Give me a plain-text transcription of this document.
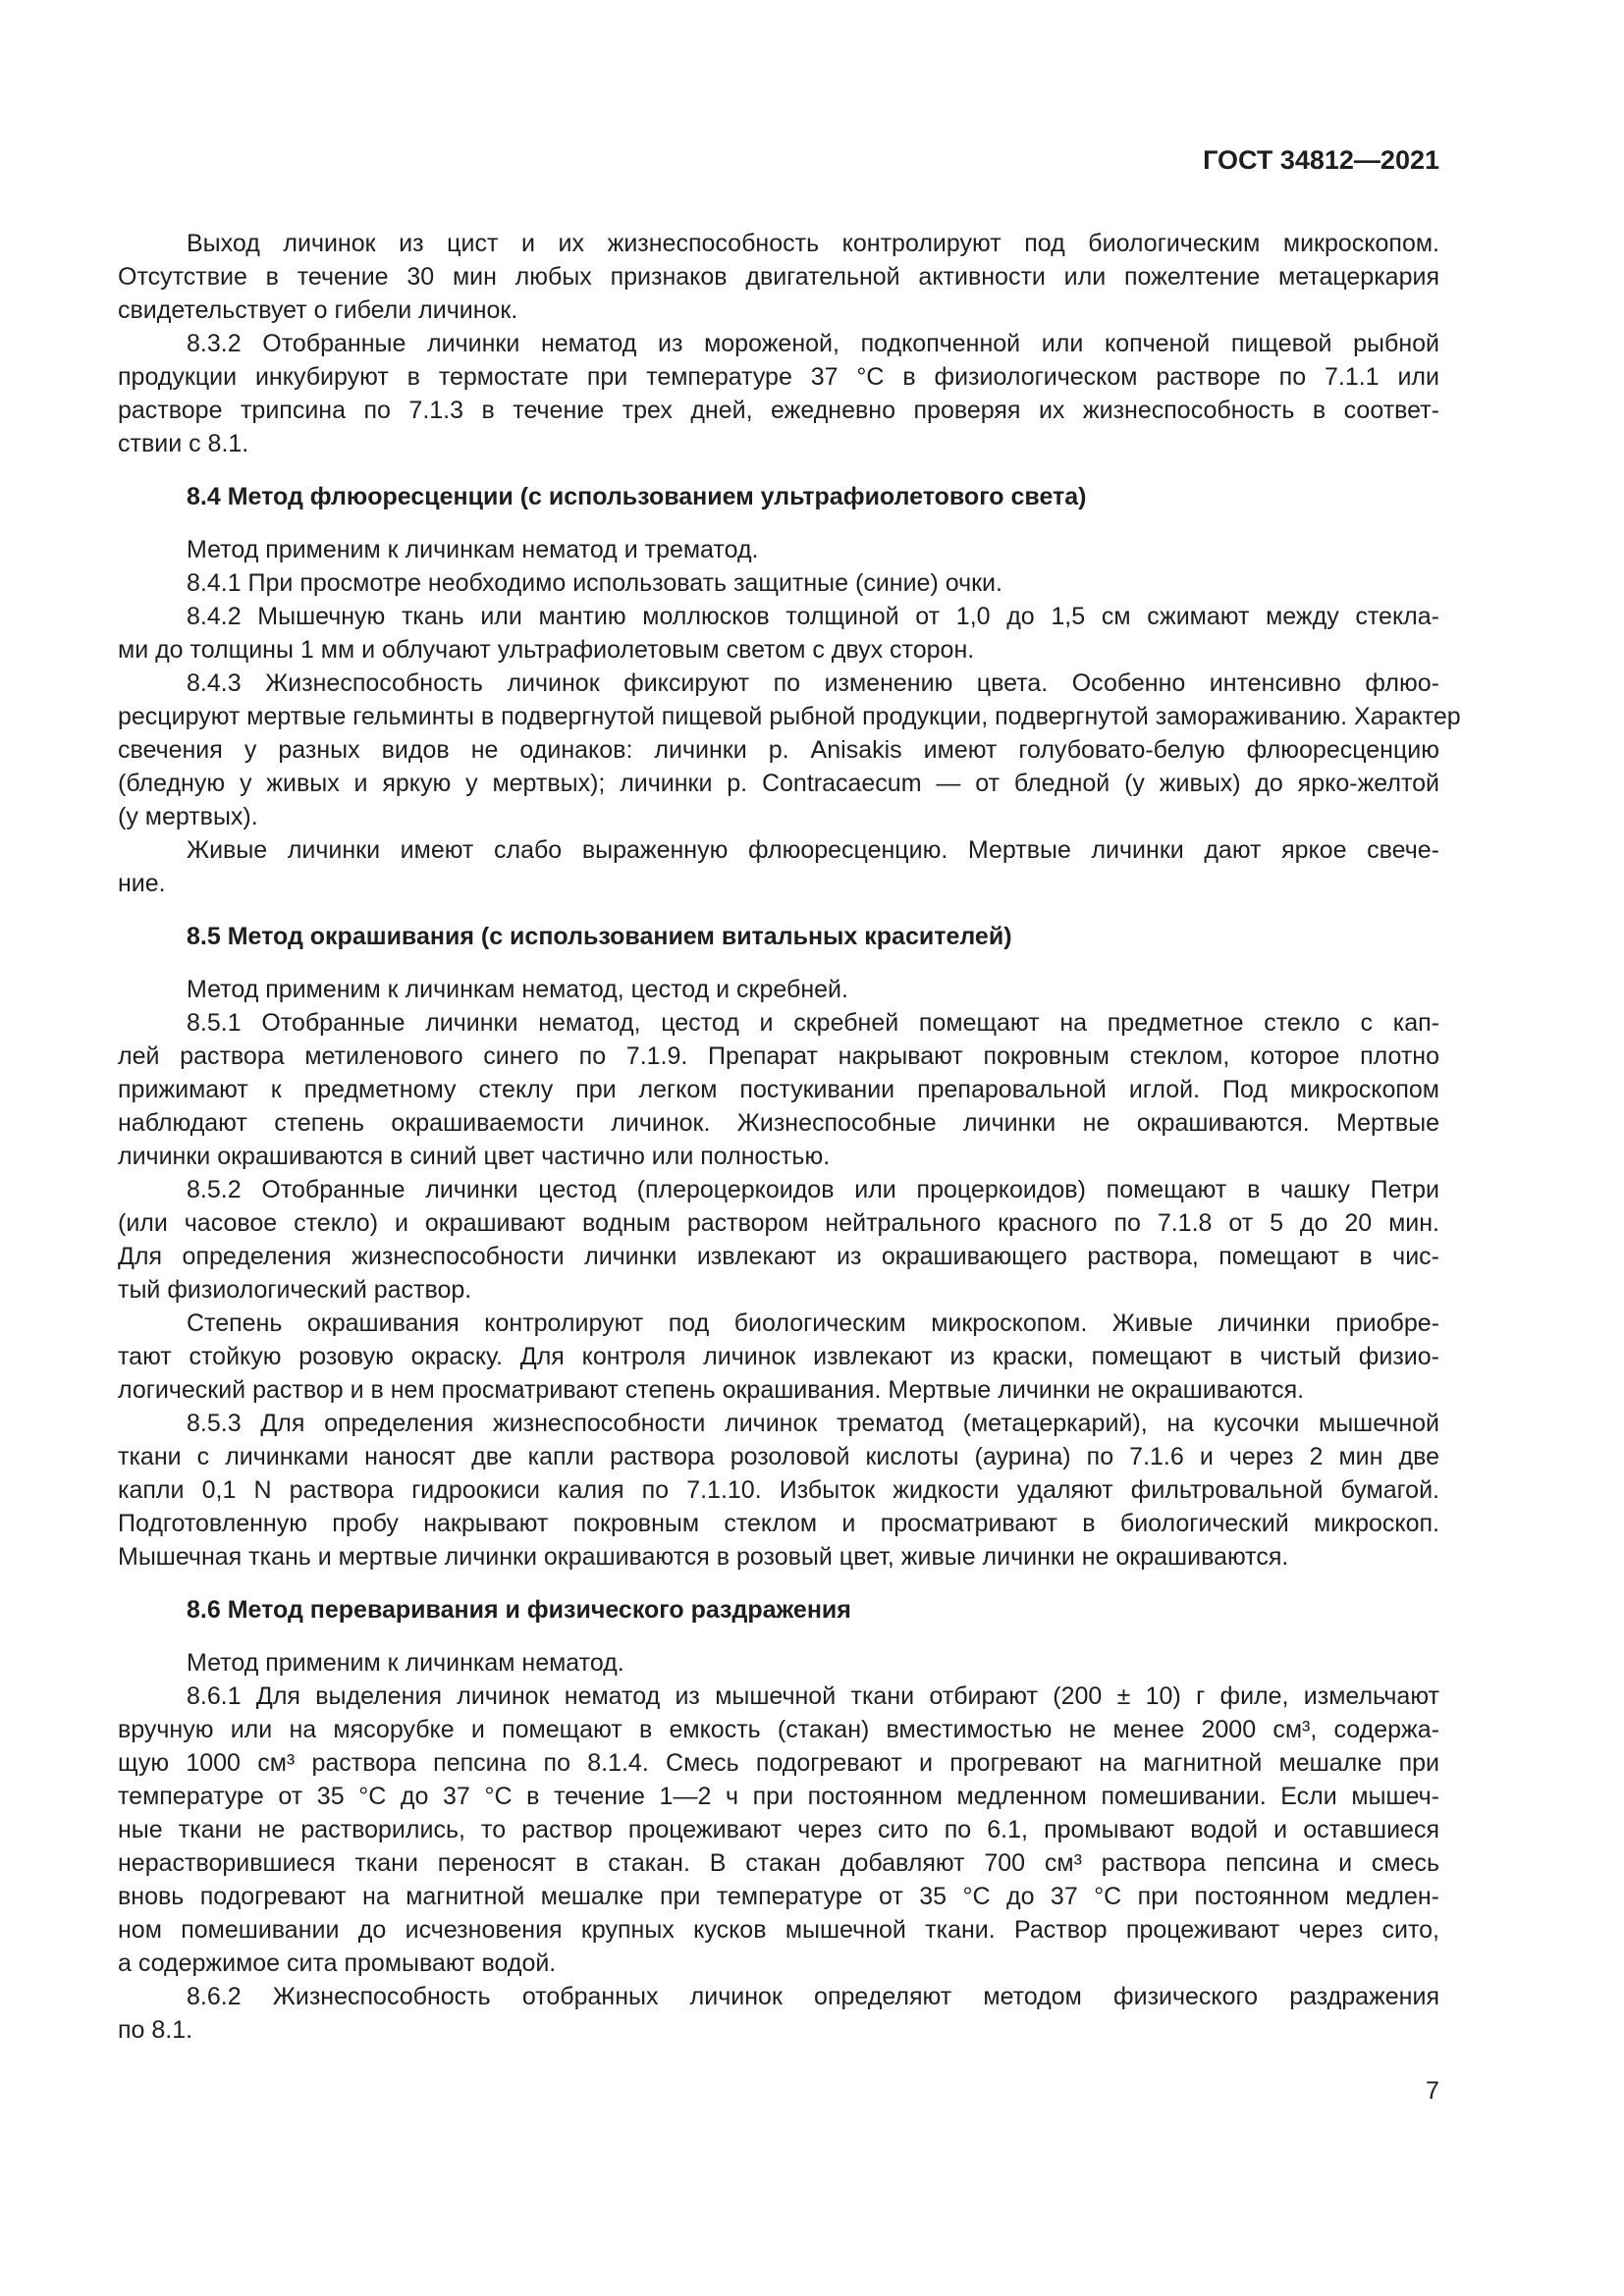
ГОСТ 34812—2021
Выход личинок из цист и их жизнеспособность контролируют под биологическим микроскопом.
Отсутствие в течение 30 мин любых признаков двигательной активности или пожелтение метацеркария
свидетельствует о гибели личинок.
8.3.2 Отобранные личинки нематод из мороженой, подкопченной или копченой пищевой рыбной
продукции инкубируют в термостате при температуре 37 °С в физиологическом растворе по 7.1.1 или
растворе трипсина по 7.1.3 в течение трех дней, ежедневно проверяя их жизнеспособность в соответ-
ствии с 8.1.
8.4 Метод флюоресценции (с использованием ультрафиолетового света)
Метод применим к личинкам нематод и трематод.
8.4.1 При просмотре необходимо использовать защитные (синие) очки.
8.4.2 Мышечную ткань или мантию моллюсков толщиной от 1,0 до 1,5 см сжимают между стекла-
ми до толщины 1 мм и облучают ультрафиолетовым светом с двух сторон.
8.4.3 Жизнеспособность личинок фиксируют по изменению цвета. Особенно интенсивно флюо-
ресцируют мертвые гельминты в подвергнутой пищевой рыбной продукции, подвергнутой замораживанию. Характер
свечения у разных видов не одинаков: личинки р. Anisakis имеют голубовато-белую флюоресценцию
(бледную у живых и яркую у мертвых); личинки р. Contracaecum — от бледной (у живых) до ярко-желтой
(у мертвых).
Живые личинки имеют слабо выраженную флюоресценцию. Мертвые личинки дают яркое свече-
ние.
8.5 Метод окрашивания (с использованием витальных красителей)
Метод применим к личинкам нематод, цестод и скребней.
8.5.1 Отобранные личинки нематод, цестод и скребней помещают на предметное стекло с кап-
лей раствора метиленового синего по 7.1.9. Препарат накрывают покровным стеклом, которое плотно
прижимают к предметному стеклу при легком постукивании препаровальной иглой. Под микроскопом
наблюдают степень окрашиваемости личинок. Жизнеспособные личинки не окрашиваются. Мертвые
личинки окрашиваются в синий цвет частично или полностью.
8.5.2 Отобранные личинки цестод (плероцеркоидов или процеркоидов) помещают в чашку Петри
(или часовое стекло) и окрашивают водным раствором нейтрального красного по 7.1.8 от 5 до 20 мин.
Для определения жизнеспособности личинки извлекают из окрашивающего раствора, помещают в чис-
тый физиологический раствор.
Степень окрашивания контролируют под биологическим микроскопом. Живые личинки приобре-
тают стойкую розовую окраску. Для контроля личинок извлекают из краски, помещают в чистый физио-
логический раствор и в нем просматривают степень окрашивания. Мертвые личинки не окрашиваются.
8.5.3 Для определения жизнеспособности личинок трематод (метацеркарий), на кусочки мышечной
ткани с личинками наносят две капли раствора розоловой кислоты (аурина) по 7.1.6 и через 2 мин две
капли 0,1 N раствора гидроокиси калия по 7.1.10. Избыток жидкости удаляют фильтровальной бумагой.
Подготовленную пробу накрывают покровным стеклом и просматривают в биологический микроскоп.
Мышечная ткань и мертвые личинки окрашиваются в розовый цвет, живые личинки не окрашиваются.
8.6 Метод переваривания и физического раздражения
Метод применим к личинкам нематод.
8.6.1 Для выделения личинок нематод из мышечной ткани отбирают (200 ± 10) г филе, измельчают
вручную или на мясорубке и помещают в емкость (стакан) вместимостью не менее 2000 см³, содержа-
щую 1000 см³ раствора пепсина по 8.1.4. Смесь подогревают и прогревают на магнитной мешалке при
температуре от 35 °С до 37 °С в течение 1—2 ч при постоянном медленном помешивании. Если мышеч-
ные ткани не растворились, то раствор процеживают через сито по 6.1, промывают водой и оставшиеся
нерастворившиеся ткани переносят в стакан. В стакан добавляют 700 см³ раствора пепсина и смесь
вновь подогревают на магнитной мешалке при температуре от 35 °С до 37 °С при постоянном медлен-
ном помешивании до исчезновения крупных кусков мышечной ткани. Раствор процеживают через сито,
а содержимое сита промывают водой.
8.6.2 Жизнеспособность отобранных личинок определяют методом физического раздражения
по 8.1.
7
